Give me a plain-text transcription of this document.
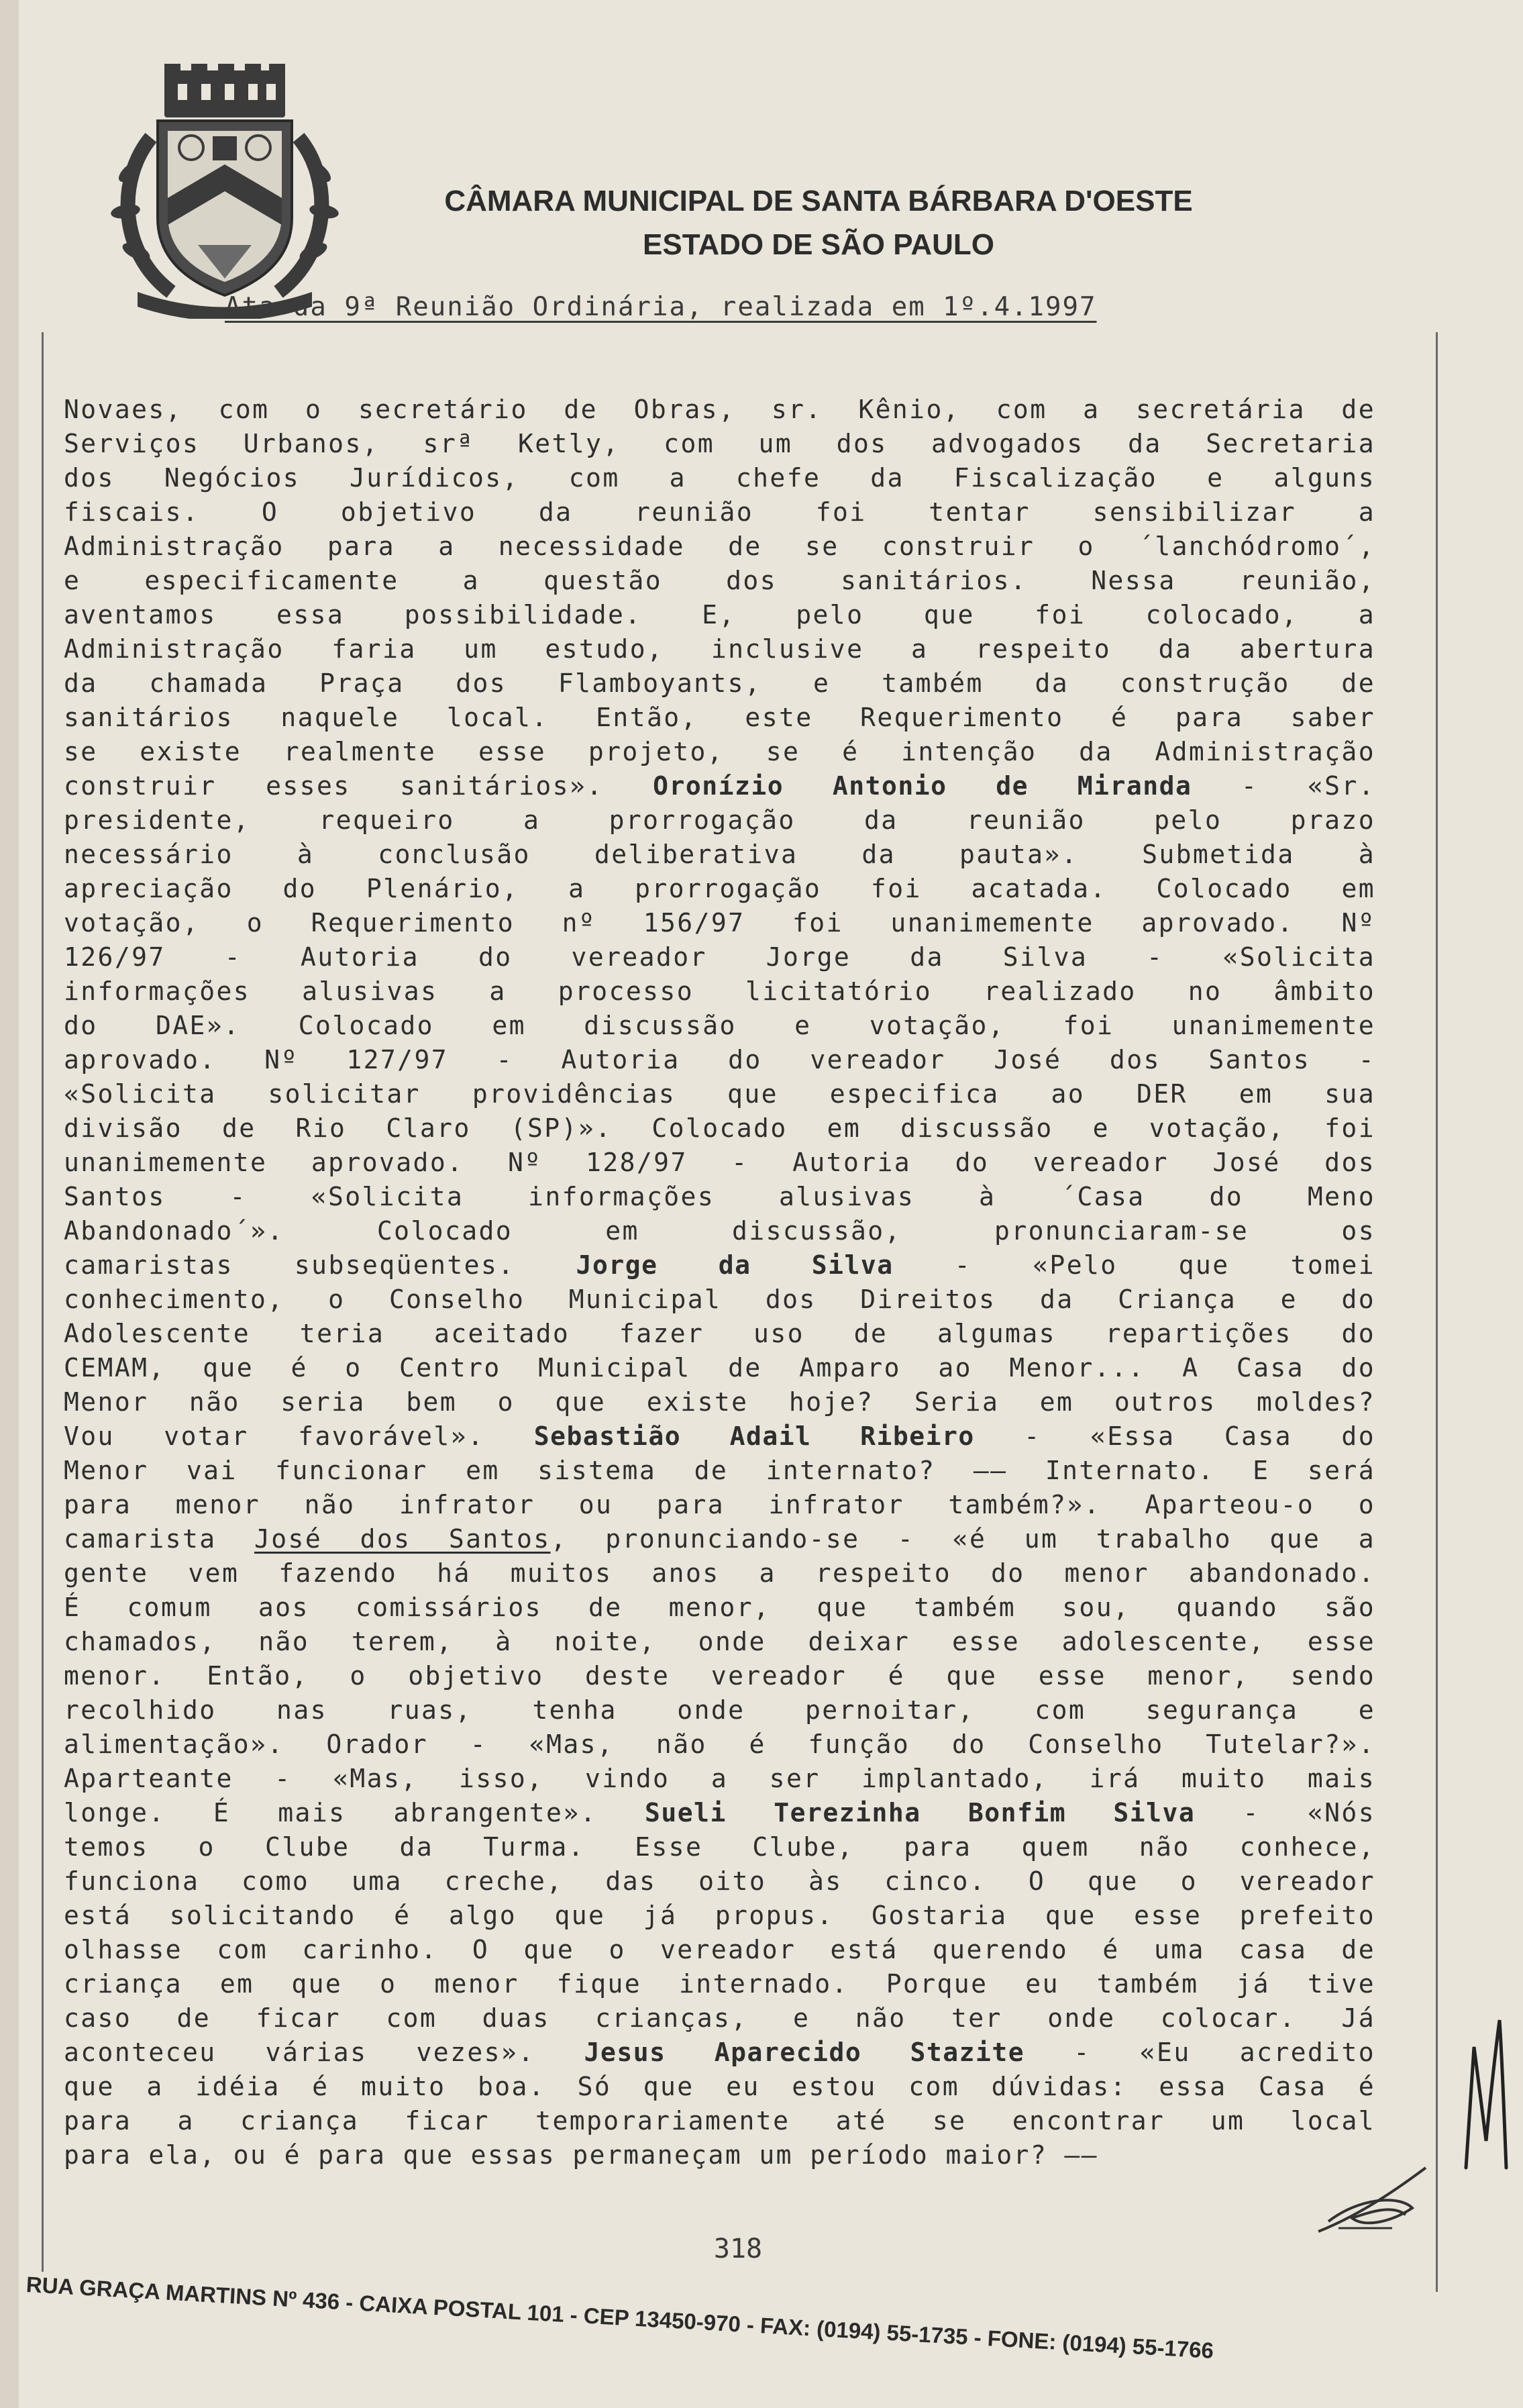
CÂMARA MUNICIPAL DE SANTA BÁRBARA D'OESTE
ESTADO DE SÃO PAULO
Ata da 9ª Reunião Ordinária, realizada em 1º.4.1997
Novaes, com o secretário de Obras, sr. Kênio, com a secretária de
Serviços Urbanos, srª Ketly, com um dos advogados da Secretaria
dos Negócios Jurídicos, com a chefe da Fiscalização e alguns
fiscais. O objetivo da reunião foi tentar sensibilizar a
Administração para a necessidade de se construir o ´lanchódromo´,
e especificamente a questão dos sanitários. Nessa reunião,
aventamos essa possibilidade. E, pelo que foi colocado, a
Administração faria um estudo, inclusive a respeito da abertura
da chamada Praça dos Flamboyants, e também da construção de
sanitários naquele local. Então, este Requerimento é para saber
se existe realmente esse projeto, se é intenção da Administração
construir esses sanitários». Oronízio Antonio de Miranda - «Sr.
presidente, requeiro a prorrogação da reunião pelo prazo
necessário à conclusão deliberativa da pauta». Submetida à
apreciação do Plenário, a prorrogação foi acatada. Colocado em
votação, o Requerimento nº 156/97 foi unanimemente aprovado. Nº
126/97 - Autoria do vereador Jorge da Silva - «Solicita
informações alusivas a processo licitatório realizado no âmbito
do DAE». Colocado em discussão e votação, foi unanimemente
aprovado. Nº 127/97 - Autoria do vereador José dos Santos -
«Solicita solicitar providências que especifica ao DER em sua
divisão de Rio Claro (SP)». Colocado em discussão e votação, foi
unanimemente aprovado. Nº 128/97 - Autoria do vereador José dos
Santos - «Solicita informações alusivas à ´Casa do Meno
Abandonado´». Colocado em discussão, pronunciaram-se os
camaristas subseqüentes. Jorge da Silva - «Pelo que tomei
conhecimento, o Conselho Municipal dos Direitos da Criança e do
Adolescente teria aceitado fazer uso de algumas repartições do
CEMAM, que é o Centro Municipal de Amparo ao Menor... A Casa do
Menor não seria bem o que existe hoje? Seria em outros moldes?
Vou votar favorável». Sebastião Adail Ribeiro - «Essa Casa do
Menor vai funcionar em sistema de internato? —— Internato. E será
para menor não infrator ou para infrator também?». Aparteou-o o
camarista José dos Santos, pronunciando-se - «é um trabalho que a
gente vem fazendo há muitos anos a respeito do menor abandonado.
É comum aos comissários de menor, que também sou, quando são
chamados, não terem, à noite, onde deixar esse adolescente, esse
menor. Então, o objetivo deste vereador é que esse menor, sendo
recolhido nas ruas, tenha onde pernoitar, com segurança e
alimentação». Orador - «Mas, não é função do Conselho Tutelar?».
Aparteante - «Mas, isso, vindo a ser implantado, irá muito mais
longe. É mais abrangente». Sueli Terezinha Bonfim Silva - «Nós
temos o Clube da Turma. Esse Clube, para quem não conhece,
funciona como uma creche, das oito às cinco. O que o vereador
está solicitando é algo que já propus. Gostaria que esse prefeito
olhasse com carinho. O que o vereador está querendo é uma casa de
criança em que o menor fique internado. Porque eu também já tive
caso de ficar com duas crianças, e não ter onde colocar. Já
aconteceu várias vezes». Jesus Aparecido Stazite - «Eu acredito
que a idéia é muito boa. Só que eu estou com dúvidas: essa Casa é
para a criança ficar temporariamente até se encontrar um local
para ela, ou é para que essas permaneçam um período maior? ——
318
RUA GRAÇA MARTINS Nº 436 - CAIXA POSTAL 101 - CEP 13450-970 - FAX: (0194) 55-1735 - FONE: (0194) 55-1766
